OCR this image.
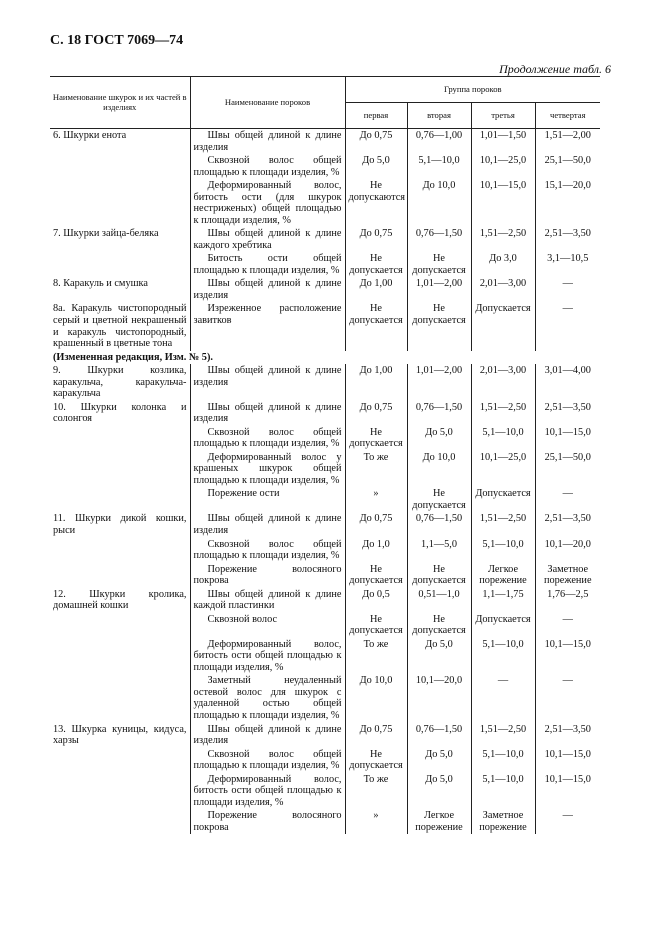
С. 18 ГОСТ 7069—74
Продолжение табл. 6
Наименование шкурок и их частей в изделиях	Наименование пороков	Группа пороков			
		первая	вторая	третья	четвертая
6. Шкурки енота	Швы общей длиной к длине изделия	До 0,75	0,76—1,00	1,01—1,50	1,51—2,00
	Сквозной волос общей площадью к площади изделия, %	До 5,0	5,1—10,0	10,1—25,0	25,1—50,0
	Деформированный волос, битость ости (для шкурок нестриженых) общей площадью к площади изделия, %	Не допускаются	До 10,0	10,1—15,0	15,1—20,0
7. Шкурки зайца-беляка	Швы общей длиной к длине каждого хребтика	До 0,75	0,76—1,50	1,51—2,50	2,51—3,50
	Битость ости общей площадью к площади изделия, %	Не допускается	Не допускается	До 3,0	3,1—10,5
8. Каракуль и смушка	Швы общей длиной к длине изделия	До 1,00	1,01—2,00	2,01—3,00	—
8а. Каракуль чистопородный серый и цветной некрашеный и каракуль чистопородный, крашенный в цветные тона	Изреженное расположение завитков	Не допускается	Не допускается	Допускается	—
(Измененная редакция, Изм. № 5).					
9. Шкурки козлика, каракульча, каракульча-каракульча	Швы общей длиной к длине изделия	До 1,00	1,01—2,00	2,01—3,00	3,01—4,00
10. Шкурки колонка и солонгоя	Швы общей длиной к длине изделия	До 0,75	0,76—1,50	1,51—2,50	2,51—3,50
	Сквозной волос общей площадью к площади изделия, %	Не допускается	До 5,0	5,1—10,0	10,1—15,0
	Деформированный волос у крашеных шкурок общей площадью к площади изделия, %	То же	До 10,0	10,1—25,0	25,1—50,0
	Порежение ости	»	Не допускается	Допускается	—
11. Шкурки дикой кошки, рыси	Швы общей длиной к длине изделия	До 0,75	0,76—1,50	1,51—2,50	2,51—3,50
	Сквозной волос общей площадью к площади изделия, %	До 1,0	1,1—5,0	5,1—10,0	10,1—20,0
	Порежение волосяного покрова	Не допускается	Не допускается	Легкое порежение	Заметное порежение
12. Шкурки кролика, домашней кошки	Швы общей длиной к длине каждой пластинки	До 0,5	0,51—1,0	1,1—1,75	1,76—2,5
	Сквозной волос	Не допускается	Не допускается	Допускается	—
	Деформированный волос, битость ости общей площадью к площади изделия, %	То же	До 5,0	5,1—10,0	10,1—15,0
	Заметный неудаленный остевой волос для шкурок с удаленной остью общей площадью к площади изделия, %	До 10,0	10,1—20,0	—	—
13. Шкурка куницы, кидуса, харзы	Швы общей длиной к длине изделия	До 0,75	0,76—1,50	1,51—2,50	2,51—3,50
	Сквозной волос общей площадью к площади изделия, %	Не допускается	До 5,0	5,1—10,0	10,1—15,0
	Деформированный волос, битость ости общей площадью к площади изделия, %	То же	До 5,0	5,1—10,0	10,1—15,0
	Порежение волосяного покрова	»	Легкое порежение	Заметное порежение	—
